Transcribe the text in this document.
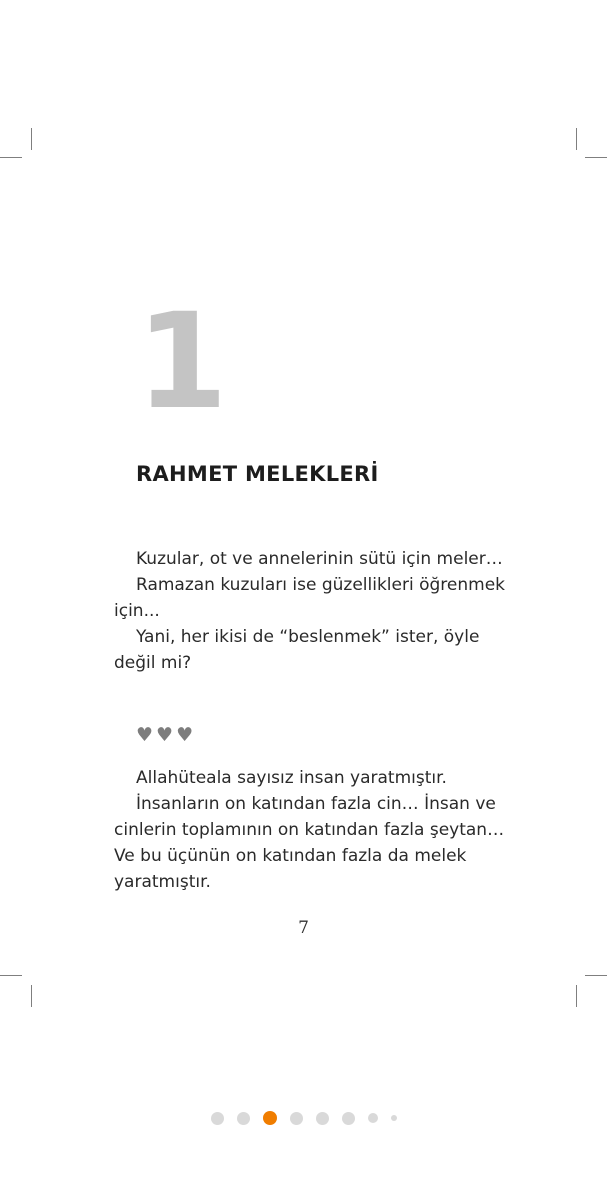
1
RAHMET MELEKLERİ

Kuzular, ot ve annelerinin sütü için meler…

Ramazan kuzuları ise güzellikleri öğrenmek için...

Yani, her ikisi de “beslenmek” ister, öyle değil mi?

♥♥♥

Allahüteala sayısız insan yaratmıştır.

İnsanların on katından fazla cin… İnsan ve cinlerin toplamının on katından fazla şeytan… Ve bu üçünün on katından fazla da melek yaratmıştır.

7
